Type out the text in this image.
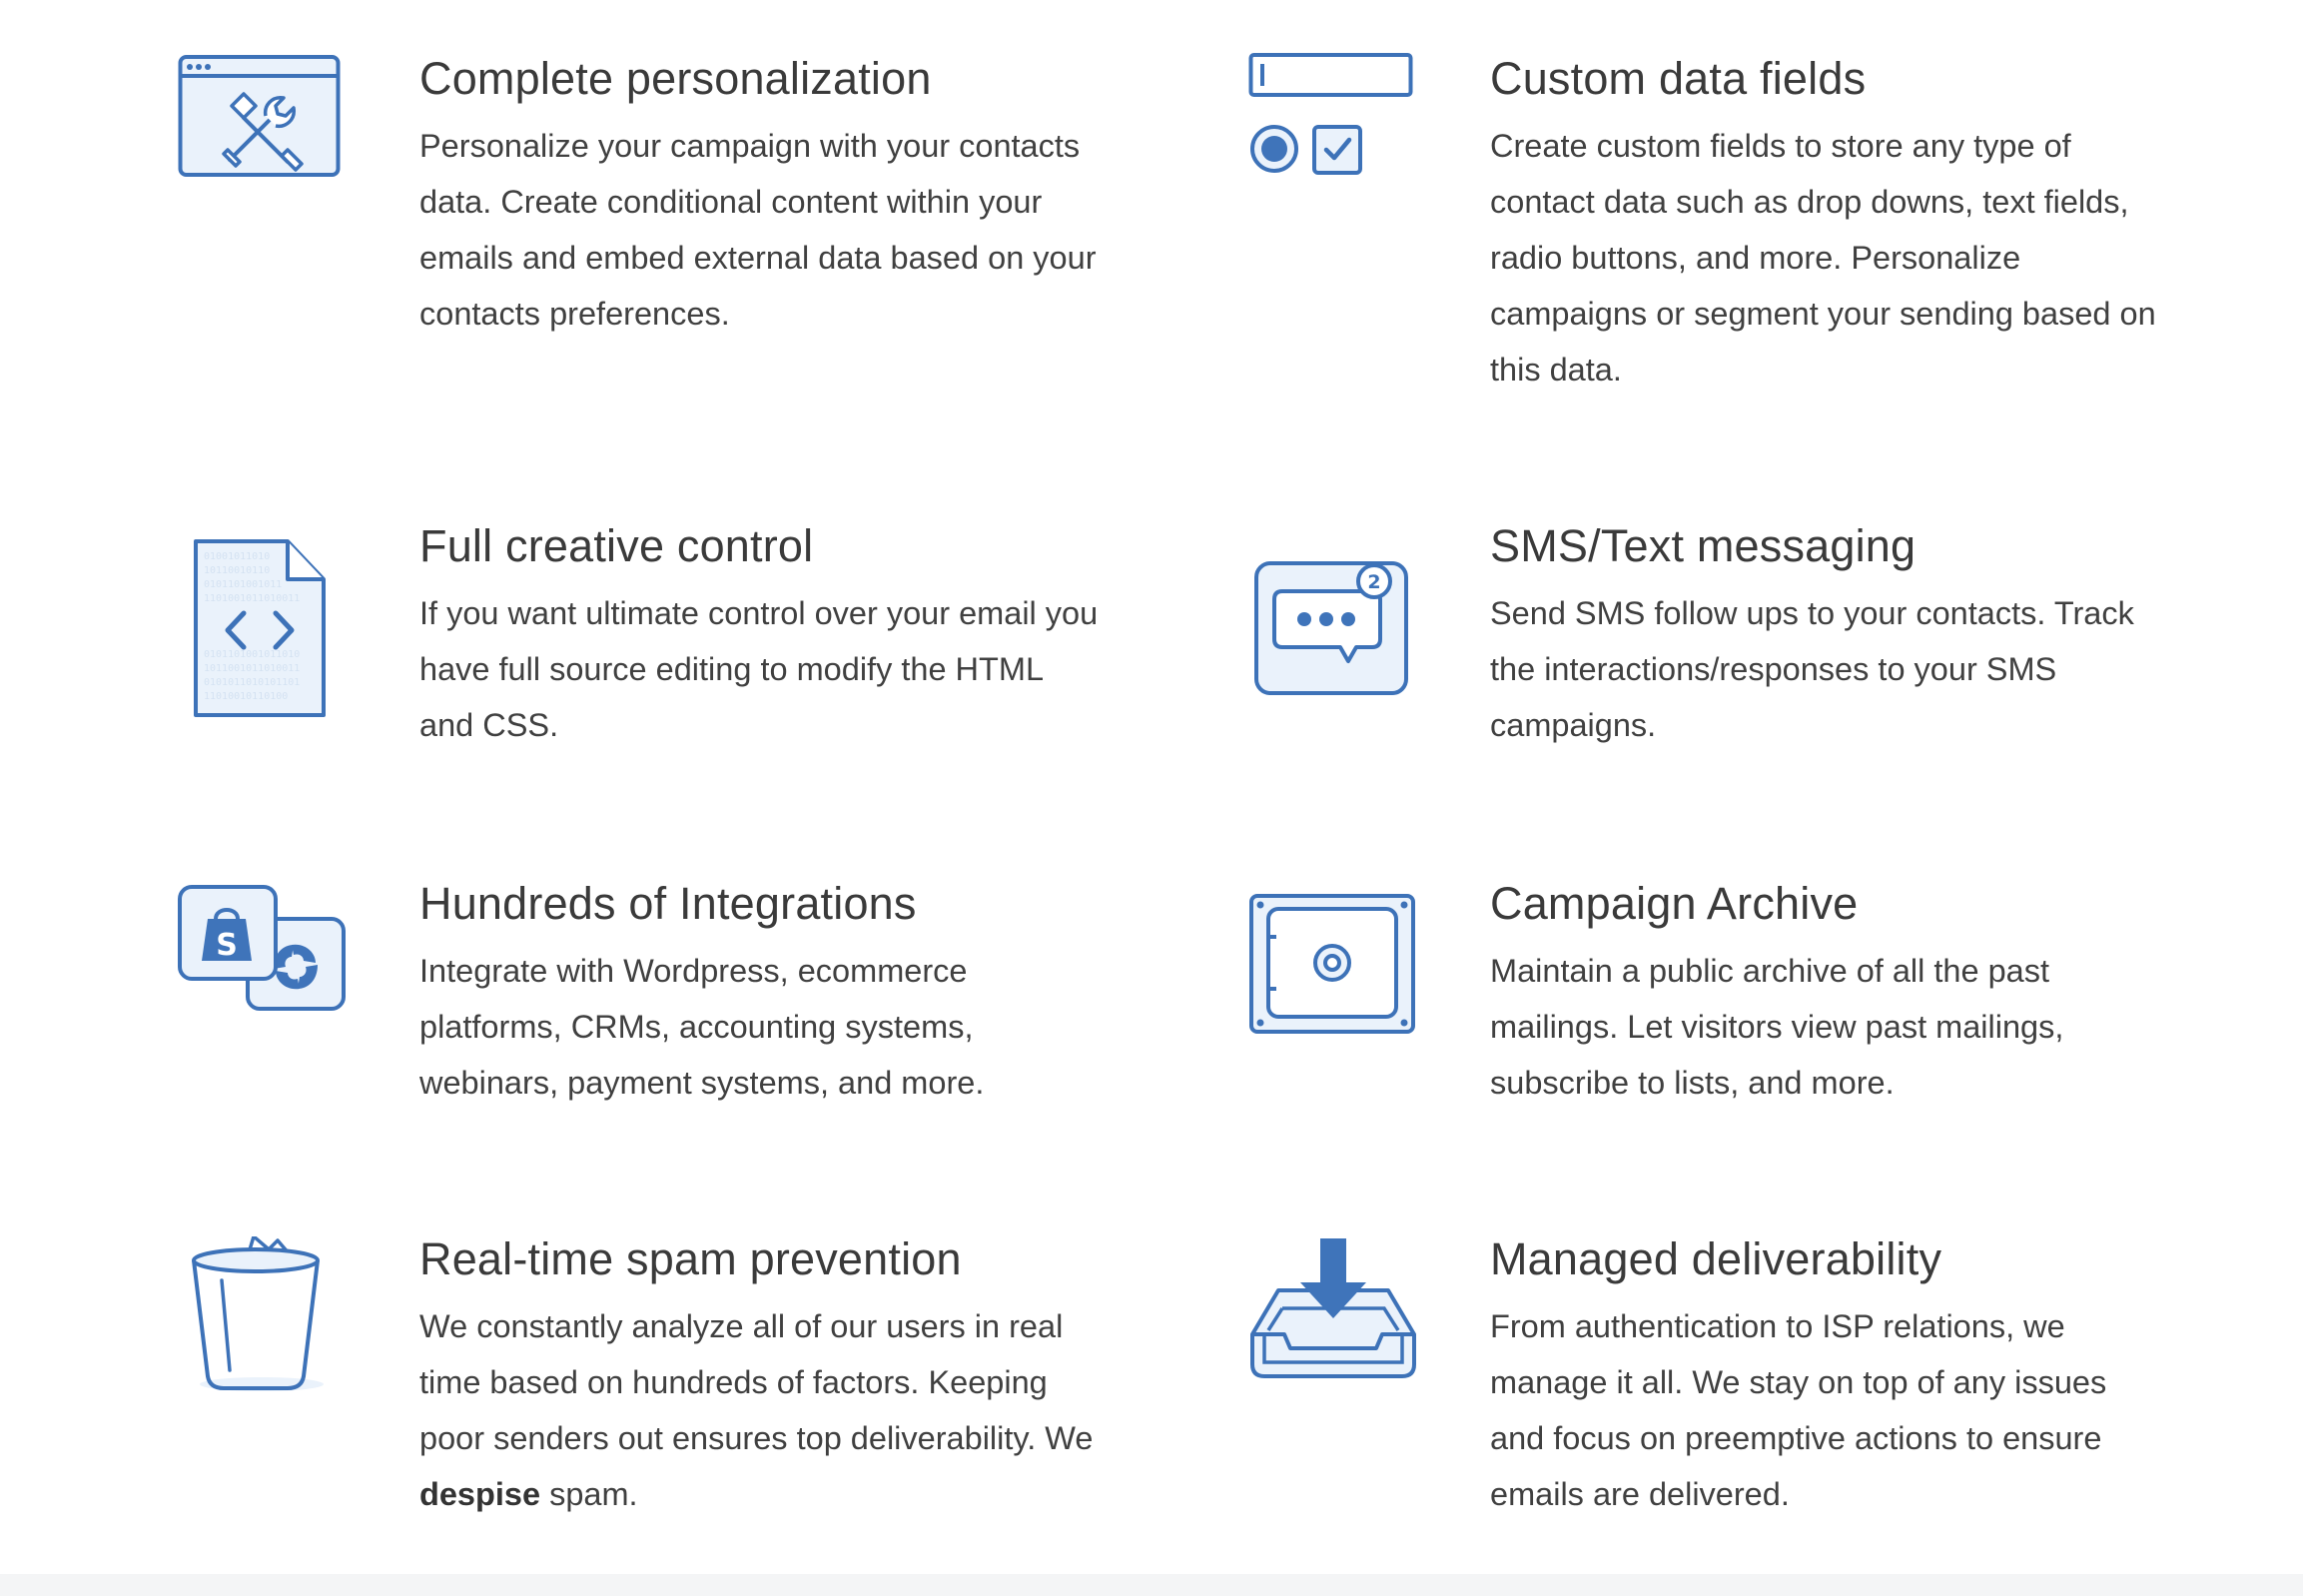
Complete personalization

Personalize your campaign with your contacts data. Create conditional content within your emails and embed external data based on your contacts preferences.

Custom data fields

Create custom fields to store any type of contact data such as drop downs, text fields, radio buttons, and more. Personalize campaigns or segment your sending based on this data.

01001011010
10110010110
0101101001011
1101001011010011
0101101001011010
1011001011010011
0101011010101101
11010010110100
Full creative control

If you want ultimate control over your email you have full source editing to modify the HTML and CSS.

2
SMS/Text messaging

Send SMS follow ups to your contacts. Track the interactions/responses to your SMS campaigns.

S
Hundreds of Integrations

Integrate with Wordpress, ecommerce platforms, CRMs, accounting systems, webinars, payment systems, and more.

Campaign Archive

Maintain a public archive of all the past mailings. Let visitors view past mailings, subscribe to lists, and more.

Real-time spam prevention

We constantly analyze all of our users in real time based on hundreds of factors. Keeping poor senders out ensures top deliverability. We despise spam.

Managed deliverability

From authentication to ISP relations, we manage it all. We stay on top of any issues and focus on preemptive actions to ensure emails are delivered.
